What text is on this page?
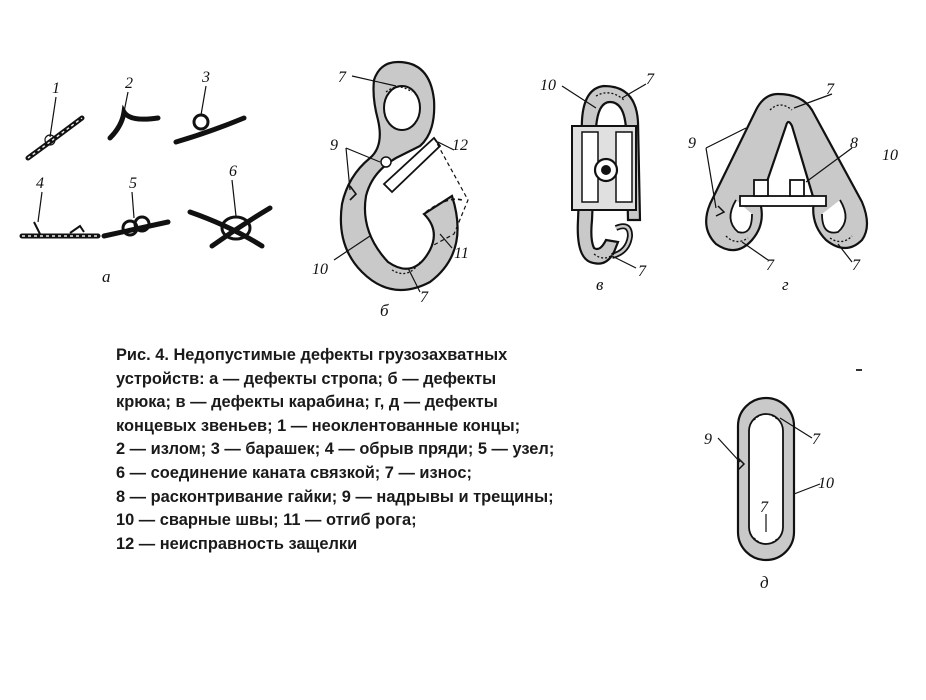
1	2	3
4	5
6
а
7
9	12
10
11
7
б
10	7
7
в
9
7
8
10
7	7
г
9	7
10
7
д
Рис. 4. Недопустимые дефекты грузозахватных
устройств: а — дефекты стропа; б — дефекты
крюка; в — дефекты карабина; г, д — дефекты
концевых звеньев; 1 — неоклентованные концы;
2 — излом; 3 — барашек; 4 — обрыв пряди; 5 — узел;
6 — соединение каната связкой; 7 — износ;
8 — расконтривание гайки; 9 — надрывы и трещины;
10 — сварные швы; 11 — отгиб рога;
12 — неисправность защелки
